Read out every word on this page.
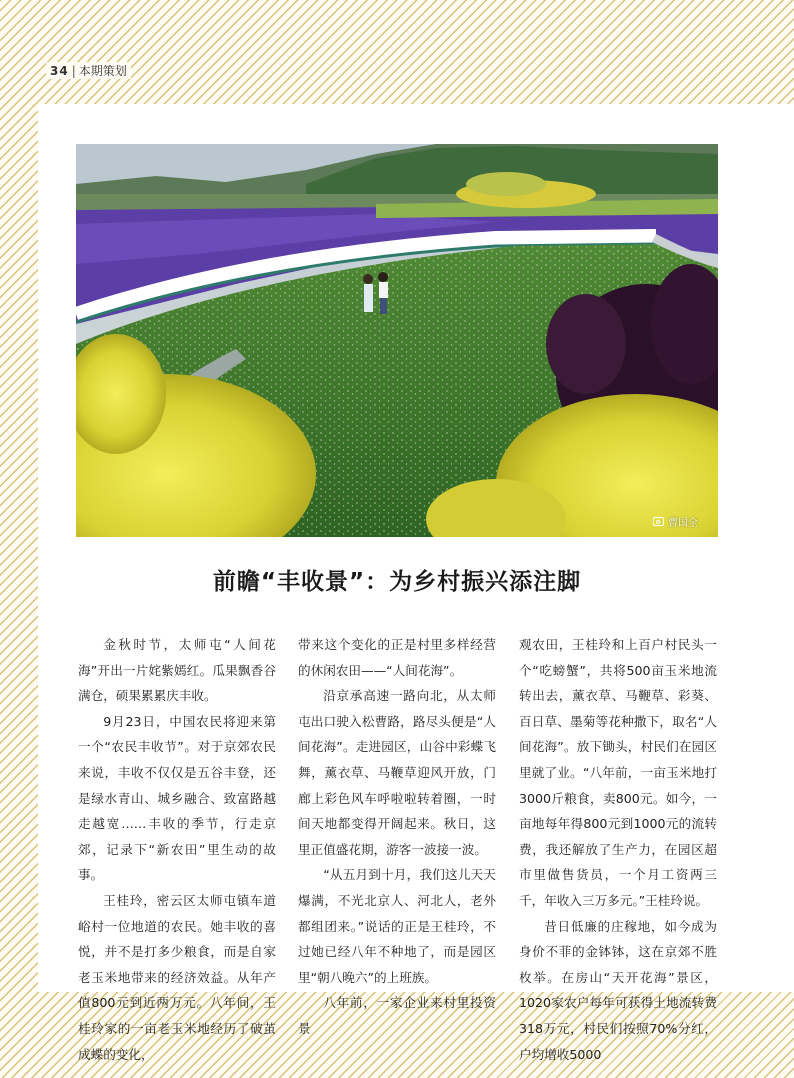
34 | 本期策划
曹国全
前瞻“丰收景”：为乡村振兴添注脚

金秋时节，太师屯“人间花海”开出一片姹紫嫣红。瓜果飘香谷满仓，硕果累累庆丰收。

9月23日，中国农民将迎来第一个“农民丰收节”。对于京郊农民来说，丰收不仅仅是五谷丰登，还是绿水青山、城乡融合、致富路越走越宽……丰收的季节，行走京郊，记录下“新农田”里生动的故事。

王桂玲，密云区太师屯镇车道峪村一位地道的农民。她丰收的喜悦，并不是打多少粮食，而是自家老玉米地带来的经济效益。从年产值800元到近两万元。八年间，王桂玲家的一亩老玉米地经历了破茧成蝶的变化，

带来这个变化的正是村里多样经营的休闲农田——“人间花海”。

沿京承高速一路向北，从太师屯出口驶入松曹路，路尽头便是“人间花海”。走进园区，山谷中彩蝶飞舞，薰衣草、马鞭草迎风开放，门廊上彩色风车呼啦啦转着圈，一时间天地都变得开阔起来。秋日，这里正值盛花期，游客一波接一波。

“从五月到十月，我们这儿天天爆满，不光北京人、河北人，老外都组团来。”说话的正是王桂玲，不过她已经八年不种地了，而是园区里“朝八晚六”的上班族。

八年前，一家企业来村里投资景

观农田，王桂玲和上百户村民头一个“吃螃蟹”，共将500亩玉米地流转出去，薰衣草、马鞭草、彩葵、百日草、墨菊等花种撒下，取名“人间花海”。放下锄头，村民们在园区里就了业。“八年前，一亩玉米地打3000斤粮食，卖800元。如今，一亩地每年得800元到1000元的流转费，我还解放了生产力，在园区超市里做售货员，一个月工资两三千，年收入三万多元。”王桂玲说。

昔日低廉的庄稼地，如今成为身价不菲的金钵钵，这在京郊不胜枚举。在房山“天开花海”景区，1020家农户每年可获得土地流转费318万元，村民们按照70%分红，户均增收5000
